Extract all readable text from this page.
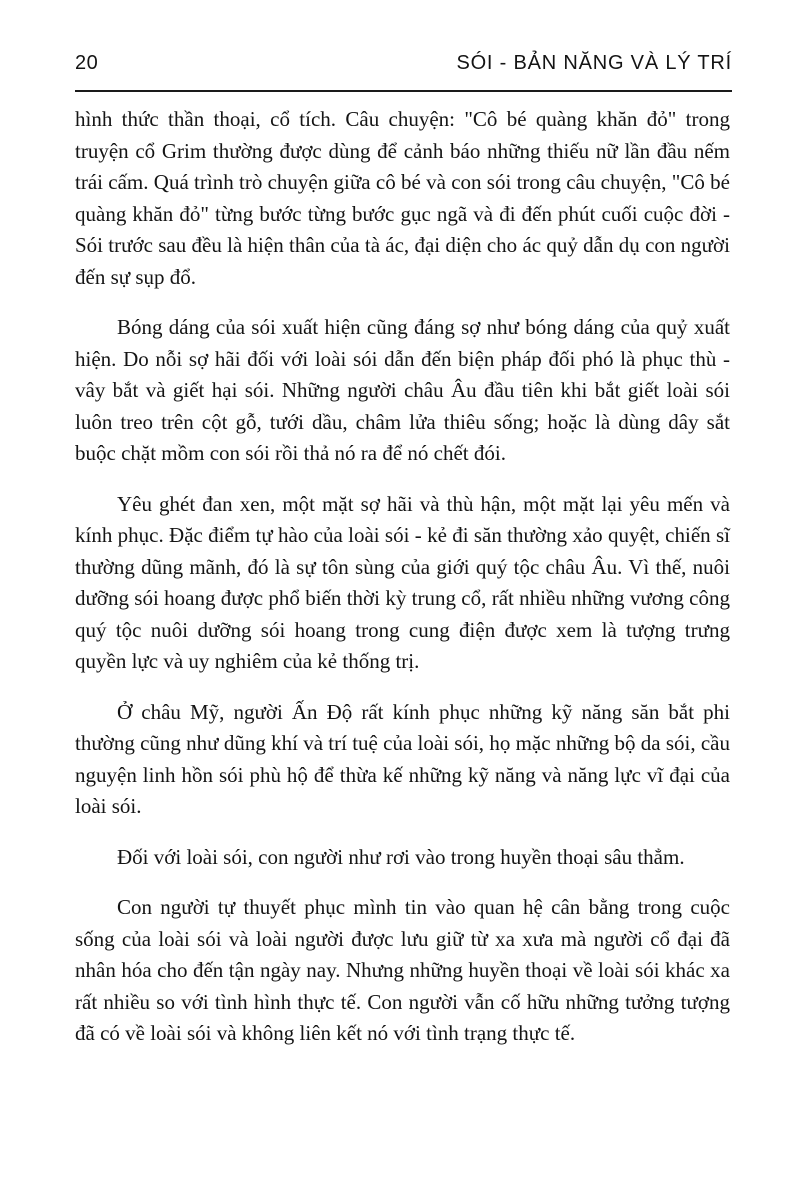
20	SÓI - BẢN NĂNG VÀ LÝ TRÍ

hình thức thần thoại, cổ tích. Câu chuyện: "Cô bé quàng khăn đỏ" trong truyện cổ Grim thường được dùng để cảnh báo những thiếu nữ lần đầu nếm trái cấm. Quá trình trò chuyện giữa cô bé và con sói trong câu chuyện, "Cô bé quàng khăn đỏ" từng bước từng bước gục ngã và đi đến phút cuối cuộc đời - Sói trước sau đều là hiện thân của tà ác, đại diện cho ác quỷ dẫn dụ con người đến sự sụp đổ.

Bóng dáng của sói xuất hiện cũng đáng sợ như bóng dáng của quỷ xuất hiện. Do nỗi sợ hãi đối với loài sói dẫn đến biện pháp đối phó là phục thù - vây bắt và giết hại sói. Những người châu Âu đầu tiên khi bắt giết loài sói luôn treo trên cột gỗ, tưới dầu, châm lửa thiêu sống; hoặc là dùng dây sắt buộc chặt mồm con sói rồi thả nó ra để nó chết đói.

Yêu ghét đan xen, một mặt sợ hãi và thù hận, một mặt lại yêu mến và kính phục. Đặc điểm tự hào của loài sói - kẻ đi săn thường xảo quyệt, chiến sĩ thường dũng mãnh, đó là sự tôn sùng của giới quý tộc châu Âu. Vì thế, nuôi dưỡng sói hoang được phổ biến thời kỳ trung cổ, rất nhiều những vương công quý tộc nuôi dưỡng sói hoang trong cung điện được xem là tượng trưng quyền lực và uy nghiêm của kẻ thống trị.

Ở châu Mỹ, người Ấn Độ rất kính phục những kỹ năng săn bắt phi thường cũng như dũng khí và trí tuệ của loài sói, họ mặc những bộ da sói, cầu nguyện linh hồn sói phù hộ để thừa kế những kỹ năng và năng lực vĩ đại của loài sói.

Đối với loài sói, con người như rơi vào trong huyền thoại sâu thẳm.

Con người tự thuyết phục mình tin vào quan hệ cân bằng trong cuộc sống của loài sói và loài người được lưu giữ từ xa xưa mà người cổ đại đã nhân hóa cho đến tận ngày nay. Nhưng những huyền thoại về loài sói khác xa rất nhiều so với tình hình thực tế. Con người vẫn cố hữu những tưởng tượng đã có về loài sói và không liên kết nó với tình trạng thực tế.
